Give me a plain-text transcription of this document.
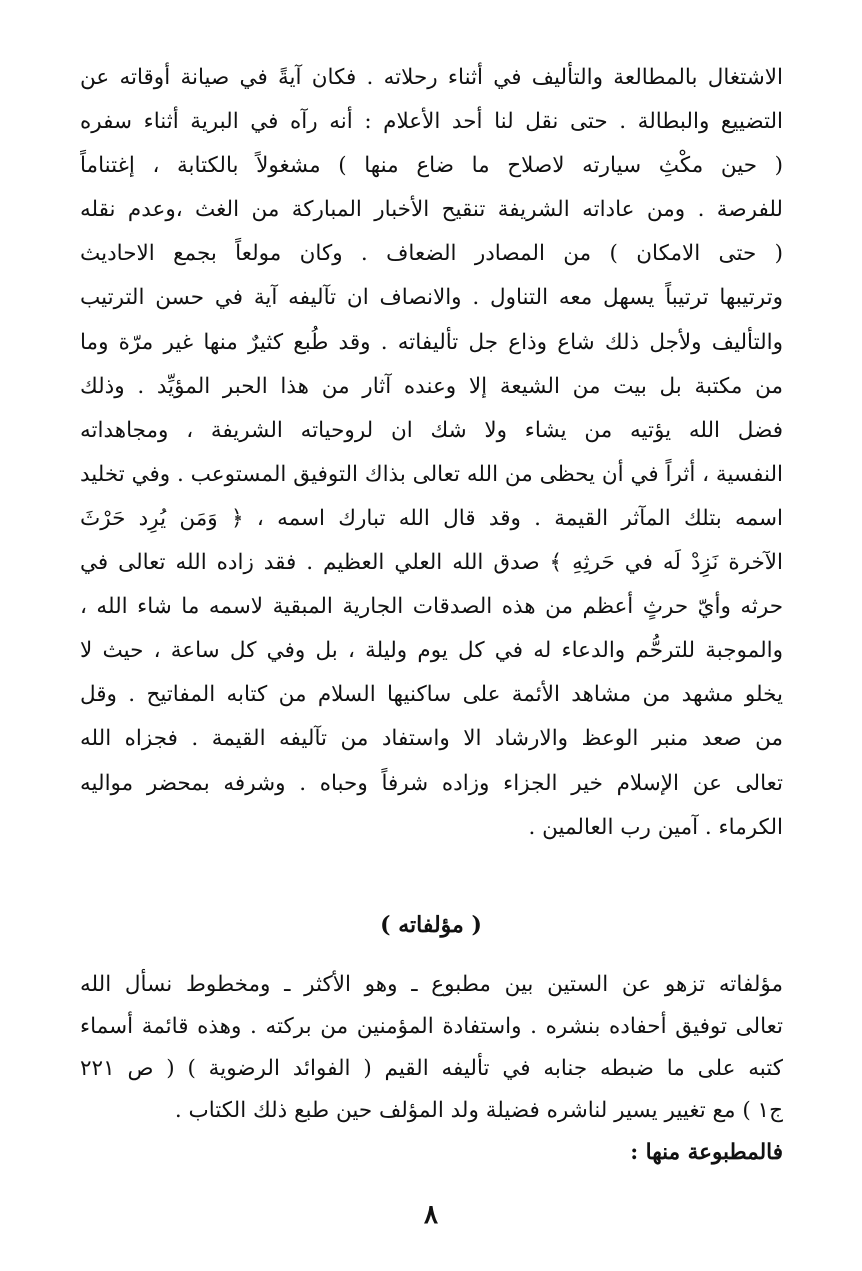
الاشتغال بالمطالعة والتأليف في أثناء رحلاته . فكان آيةً في صيانة أوقاته عن
التضييع والبطالة . حتى نقل لنا أحد الأعلام : أنه رآه في البرية أثناء سفره
( حين مكْثِ سيارته لاصلاح ما ضاع منها ) مشغولاً بالكتابة ، إغتناماً
للفرصة . ومن عاداته الشريفة تنقيح الأخبار المباركة من الغث ،وعدم نقله
( حتى الامكان ) من المصادر الضعاف . وكان مولعاً بجمع الاحاديث
وترتيبها ترتيباً يسهل معه التناول . والانصاف ان تآليفه آية في حسن الترتيب
والتأليف ولأجل ذلك شاع وذاع جل تأليفاته . وقد طُبع كثيرٌ منها غير مرّة وما
من مكتبة بل بيت من الشيعة إلا وعنده آثار من هذا الحبر المؤيِّد . وذلك
فضل الله يؤتيه من يشاء ولا شك ان لروحياته الشريفة ، ومجاهداته
النفسية ، أثراً في أن يحظى من الله تعالى بذاك التوفيق المستوعب . وفي تخليد
اسمه بتلك المآثر القيمة . وقد قال الله تبارك اسمه ، ﴿ وَمَن يُرِد حَرْثَ
الآخرة نَزِدْ لَه في حَرثِهِ ﴾ صدق الله العلي العظيم . فقد زاده الله تعالى في
حرثه وأيّ حرثٍ أعظم من هذه الصدقات الجارية المبقية لاسمه ما شاء الله ،
والموجبة للترحُّم والدعاء له في كل يوم وليلة ، بل وفي كل ساعة ، حيث لا
يخلو مشهد من مشاهد الأئمة على ساكنيها السلام من كتابه المفاتيح . وقل
من صعد منبر الوعظ والارشاد الا واستفاد من تآليفه القيمة . فجزاه الله
تعالى عن الإسلام خير الجزاء وزاده شرفاً وحباه . وشرفه بمحضر مواليه
الكرماء . آمين رب العالمين .
( مؤلفاته )
مؤلفاته تزهو عن الستين بين مطبوع ـ وهو الأكثر ـ ومخطوط نسأل الله
تعالى توفيق أحفاده بنشره . واستفادة المؤمنين من بركته . وهذه قائمة أسماء
كتبه على ما ضبطه جنابه في تأليفه القيم ( الفوائد الرضوية ) ( ص ٢٢١
ج١ ) مع تغيير يسير لناشره فضيلة ولد المؤلف حين طبع ذلك الكتاب .
فالمطبوعة منها :
٨
